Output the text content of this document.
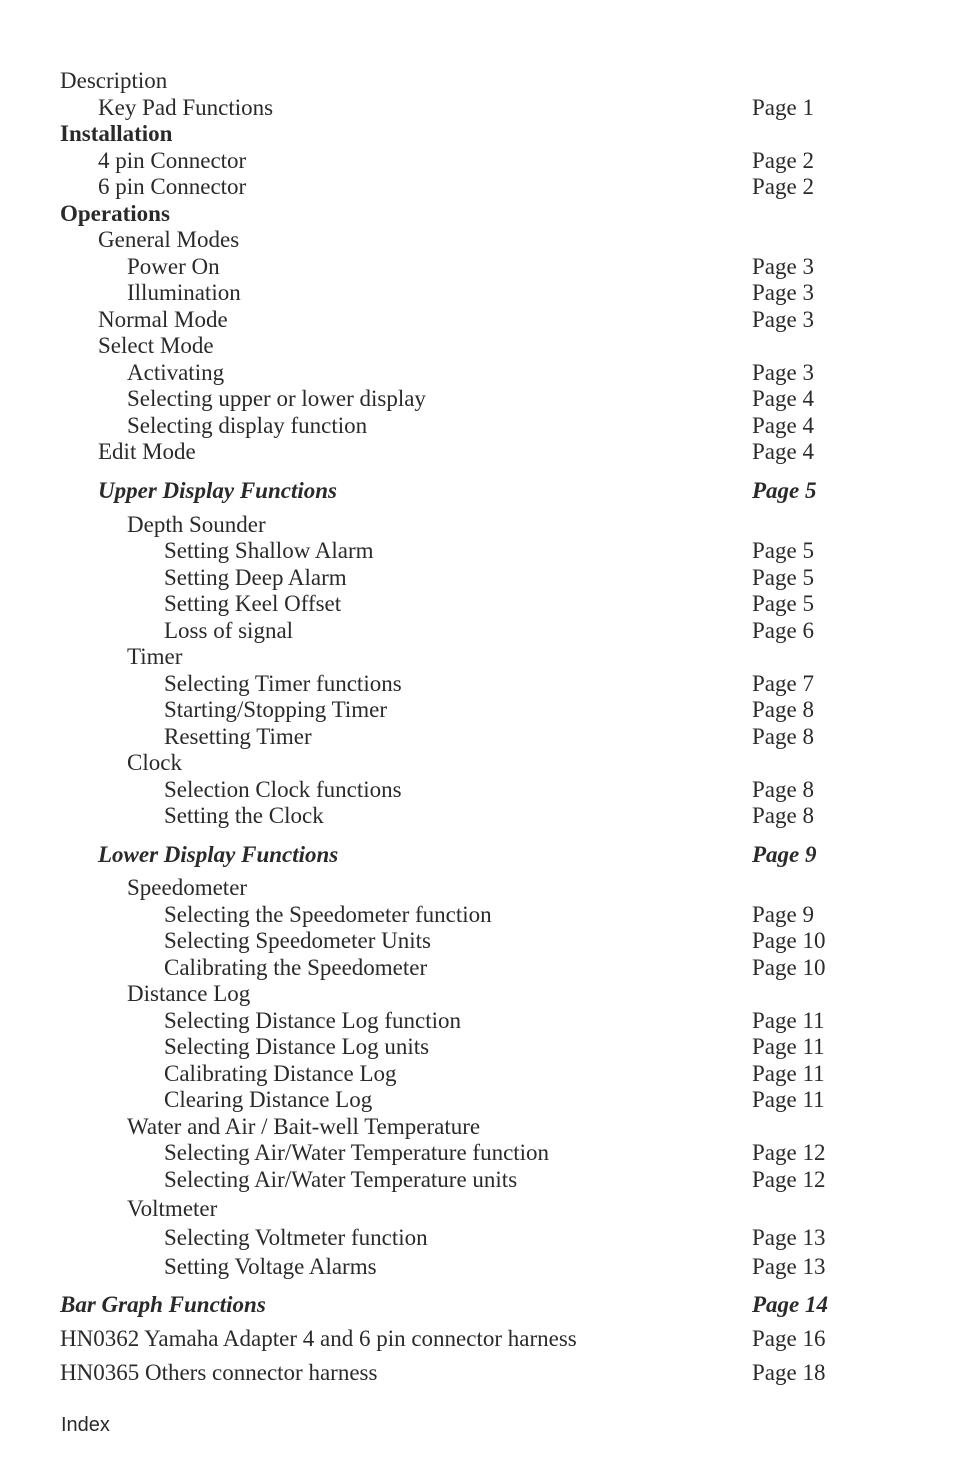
Description
Key Pad Functions	Page 1
Installation
4 pin Connector	Page 2
6 pin Connector	Page 2
Operations
General Modes
Power On	Page 3
Illumination	Page 3
Normal Mode	Page 3
Select Mode
Activating	Page 3
Selecting upper or lower display	Page 4
Selecting display function	Page 4
Edit Mode	Page 4
Upper Display Functions	Page 5
Depth Sounder
Setting Shallow Alarm	Page 5
Setting Deep Alarm	Page 5
Setting Keel Offset	Page 5
Loss of signal	Page 6
Timer
Selecting Timer functions	Page 7
Starting/Stopping Timer	Page 8
Resetting Timer	Page 8
Clock
Selection Clock functions	Page 8
Setting the Clock	Page 8
Lower Display Functions	Page 9
Speedometer
Selecting the Speedometer function	Page 9
Selecting Speedometer Units	Page 10
Calibrating the Speedometer	Page 10
Distance Log
Selecting Distance Log function	Page 11
Selecting Distance Log units	Page 11
Calibrating Distance Log	Page 11
Clearing Distance Log	Page 11
Water and Air / Bait-well Temperature
Selecting Air/Water Temperature function	Page 12
Selecting Air/Water Temperature units	Page 12
Voltmeter
Selecting Voltmeter function	Page 13
Setting Voltage Alarms	Page 13
Bar Graph Functions	Page 14
HN0362 Yamaha Adapter 4 and 6 pin connector harness	Page 16
HN0365 Others connector harness	Page 18
Index
